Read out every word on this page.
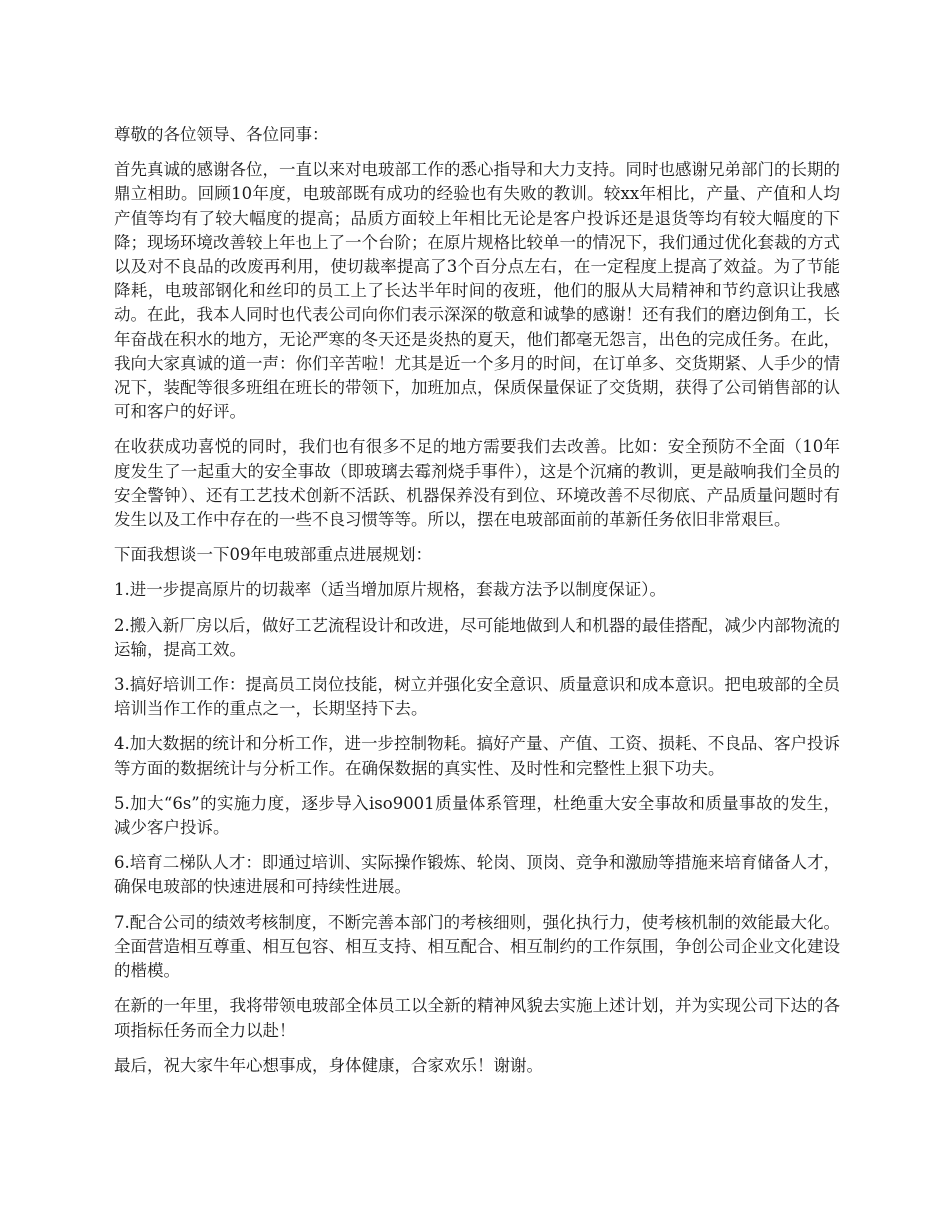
尊敬的各位领导、各位同事：

首先真诚的感谢各位，一直以来对电玻部工作的悉心指导和大力支持。同时也感谢兄弟部门的长期的鼎立相助。回顾10年度，电玻部既有成功的经验也有失败的教训。较xx年相比，产量、产值和人均产值等均有了较大幅度的提高；品质方面较上年相比无论是客户投诉还是退货等均有较大幅度的下降；现场环境改善较上年也上了一个台阶；在原片规格比较单一的情况下，我们通过优化套裁的方式以及对不良品的改废再利用，使切裁率提高了3个百分点左右，在一定程度上提高了效益。为了节能降耗，电玻部钢化和丝印的员工上了长达半年时间的夜班，他们的服从大局精神和节约意识让我感动。在此，我本人同时也代表公司向你们表示深深的敬意和诚挚的感谢！还有我们的磨边倒角工，长年奋战在积水的地方，无论严寒的冬天还是炎热的夏天，他们都毫无怨言，出色的完成任务。在此，我向大家真诚的道一声：你们辛苦啦！尤其是近一个多月的时间，在订单多、交货期紧、人手少的情况下，装配等很多班组在班长的带领下，加班加点，保质保量保证了交货期，获得了公司销售部的认可和客户的好评。

在收获成功喜悦的同时，我们也有很多不足的地方需要我们去改善。比如：安全预防不全面（10年度发生了一起重大的安全事故（即玻璃去霉剂烧手事件），这是个沉痛的教训，更是敲响我们全员的安全警钟）、还有工艺技术创新不活跃、机器保养没有到位、环境改善不尽彻底、产品质量问题时有发生以及工作中存在的一些不良习惯等等。所以，摆在电玻部面前的革新任务依旧非常艰巨。

下面我想谈一下09年电玻部重点进展规划：

1.进一步提高原片的切裁率（适当增加原片规格，套裁方法予以制度保证）。

2.搬入新厂房以后，做好工艺流程设计和改进，尽可能地做到人和机器的最佳搭配，减少内部物流的运输，提高工效。

3.搞好培训工作：提高员工岗位技能，树立并强化安全意识、质量意识和成本意识。把电玻部的全员培训当作工作的重点之一，长期坚持下去。

4.加大数据的统计和分析工作，进一步控制物耗。搞好产量、产值、工资、损耗、不良品、客户投诉等方面的数据统计与分析工作。在确保数据的真实性、及时性和完整性上狠下功夫。

5.加大“6s”的实施力度，逐步导入iso9001质量体系管理，杜绝重大安全事故和质量事故的发生，减少客户投诉。

6.培育二梯队人才：即通过培训、实际操作锻炼、轮岗、顶岗、竞争和激励等措施来培育储备人才，确保电玻部的快速进展和可持续性进展。

7.配合公司的绩效考核制度，不断完善本部门的考核细则，强化执行力，使考核机制的效能最大化。全面营造相互尊重、相互包容、相互支持、相互配合、相互制约的工作氛围，争创公司企业文化建设的楷模。

在新的一年里，我将带领电玻部全体员工以全新的精神风貌去实施上述计划，并为实现公司下达的各项指标任务而全力以赴！

最后，祝大家牛年心想事成，身体健康，合家欢乐！谢谢。
